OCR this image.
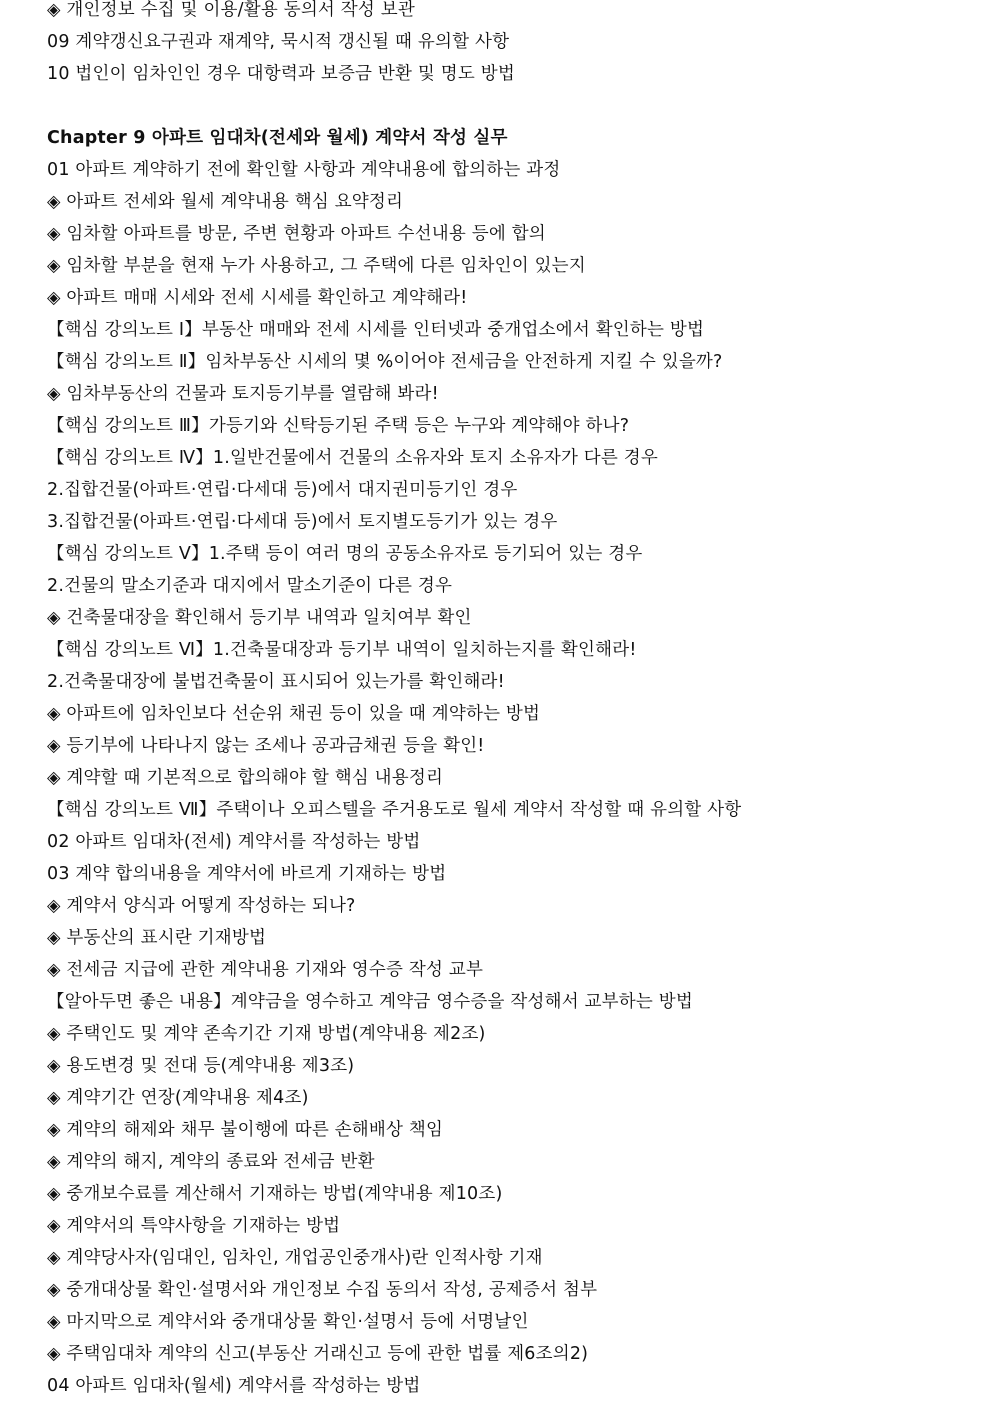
◈ 개인정보 수집 및 이용/활용 동의서 작성 보관
09 계약갱신요구권과 재계약, 묵시적 갱신될 때 유의할 사항
10 법인이 임차인인 경우 대항력과 보증금 반환 및 명도 방법
Chapter 9 아파트 임대차(전세와 월세) 계약서 작성 실무
01 아파트 계약하기 전에 확인할 사항과 계약내용에 합의하는 과정
◈ 아파트 전세와 월세 계약내용 핵심 요약정리
◈ 임차할 아파트를 방문, 주변 현황과 아파트 수선내용 등에 합의
◈ 임차할 부분을 현재 누가 사용하고, 그 주택에 다른 임차인이 있는지
◈ 아파트 매매 시세와 전세 시세를 확인하고 계약해라!
【핵심 강의노트 Ⅰ】부동산 매매와 전세 시세를 인터넷과 중개업소에서 확인하는 방법
【핵심 강의노트 Ⅱ】임차부동산 시세의 몇 %이어야 전세금을 안전하게 지킬 수 있을까?
◈ 임차부동산의 건물과 토지등기부를 열람해 봐라!
【핵심 강의노트 Ⅲ】가등기와 신탁등기된 주택 등은 누구와 계약해야 하나?
【핵심 강의노트 Ⅳ】1.일반건물에서 건물의 소유자와 토지 소유자가 다른 경우
2.집합건물(아파트·연립·다세대 등)에서 대지권미등기인 경우
3.집합건물(아파트·연립·다세대 등)에서 토지별도등기가 있는 경우
【핵심 강의노트 Ⅴ】1.주택 등이 여러 명의 공동소유자로 등기되어 있는 경우
2.건물의 말소기준과 대지에서 말소기준이 다른 경우
◈ 건축물대장을 확인해서 등기부 내역과 일치여부 확인
【핵심 강의노트 Ⅵ】1.건축물대장과 등기부 내역이 일치하는지를 확인해라!
2.건축물대장에 불법건축물이 표시되어 있는가를 확인해라!
◈ 아파트에 임차인보다 선순위 채권 등이 있을 때 계약하는 방법
◈ 등기부에 나타나지 않는 조세나 공과금채권 등을 확인!
◈ 계약할 때 기본적으로 합의해야 할 핵심 내용정리
【핵심 강의노트 Ⅶ】주택이나 오피스텔을 주거용도로 월세 계약서 작성할 때 유의할 사항
02 아파트 임대차(전세) 계약서를 작성하는 방법
03 계약 합의내용을 계약서에 바르게 기재하는 방법
◈ 계약서 양식과 어떻게 작성하는 되나?
◈ 부동산의 표시란 기재방법
◈ 전세금 지급에 관한 계약내용 기재와 영수증 작성 교부
【알아두면 좋은 내용】계약금을 영수하고 계약금 영수증을 작성해서 교부하는 방법
◈ 주택인도 및 계약 존속기간 기재 방법(계약내용 제2조)
◈ 용도변경 및 전대 등(계약내용 제3조)
◈ 계약기간 연장(계약내용 제4조)
◈ 계약의 해제와 채무 불이행에 따른 손해배상 책임
◈ 계약의 해지, 계약의 종료와 전세금 반환
◈ 중개보수료를 계산해서 기재하는 방법(계약내용 제10조)
◈ 계약서의 특약사항을 기재하는 방법
◈ 계약당사자(임대인, 임차인, 개업공인중개사)란 인적사항 기재
◈ 중개대상물 확인·설명서와 개인정보 수집 동의서 작성, 공제증서 첨부
◈ 마지막으로 계약서와 중개대상물 확인·설명서 등에 서명날인
◈ 주택임대차 계약의 신고(부동산 거래신고 등에 관한 법률 제6조의2)
04 아파트 임대차(월세) 계약서를 작성하는 방법
